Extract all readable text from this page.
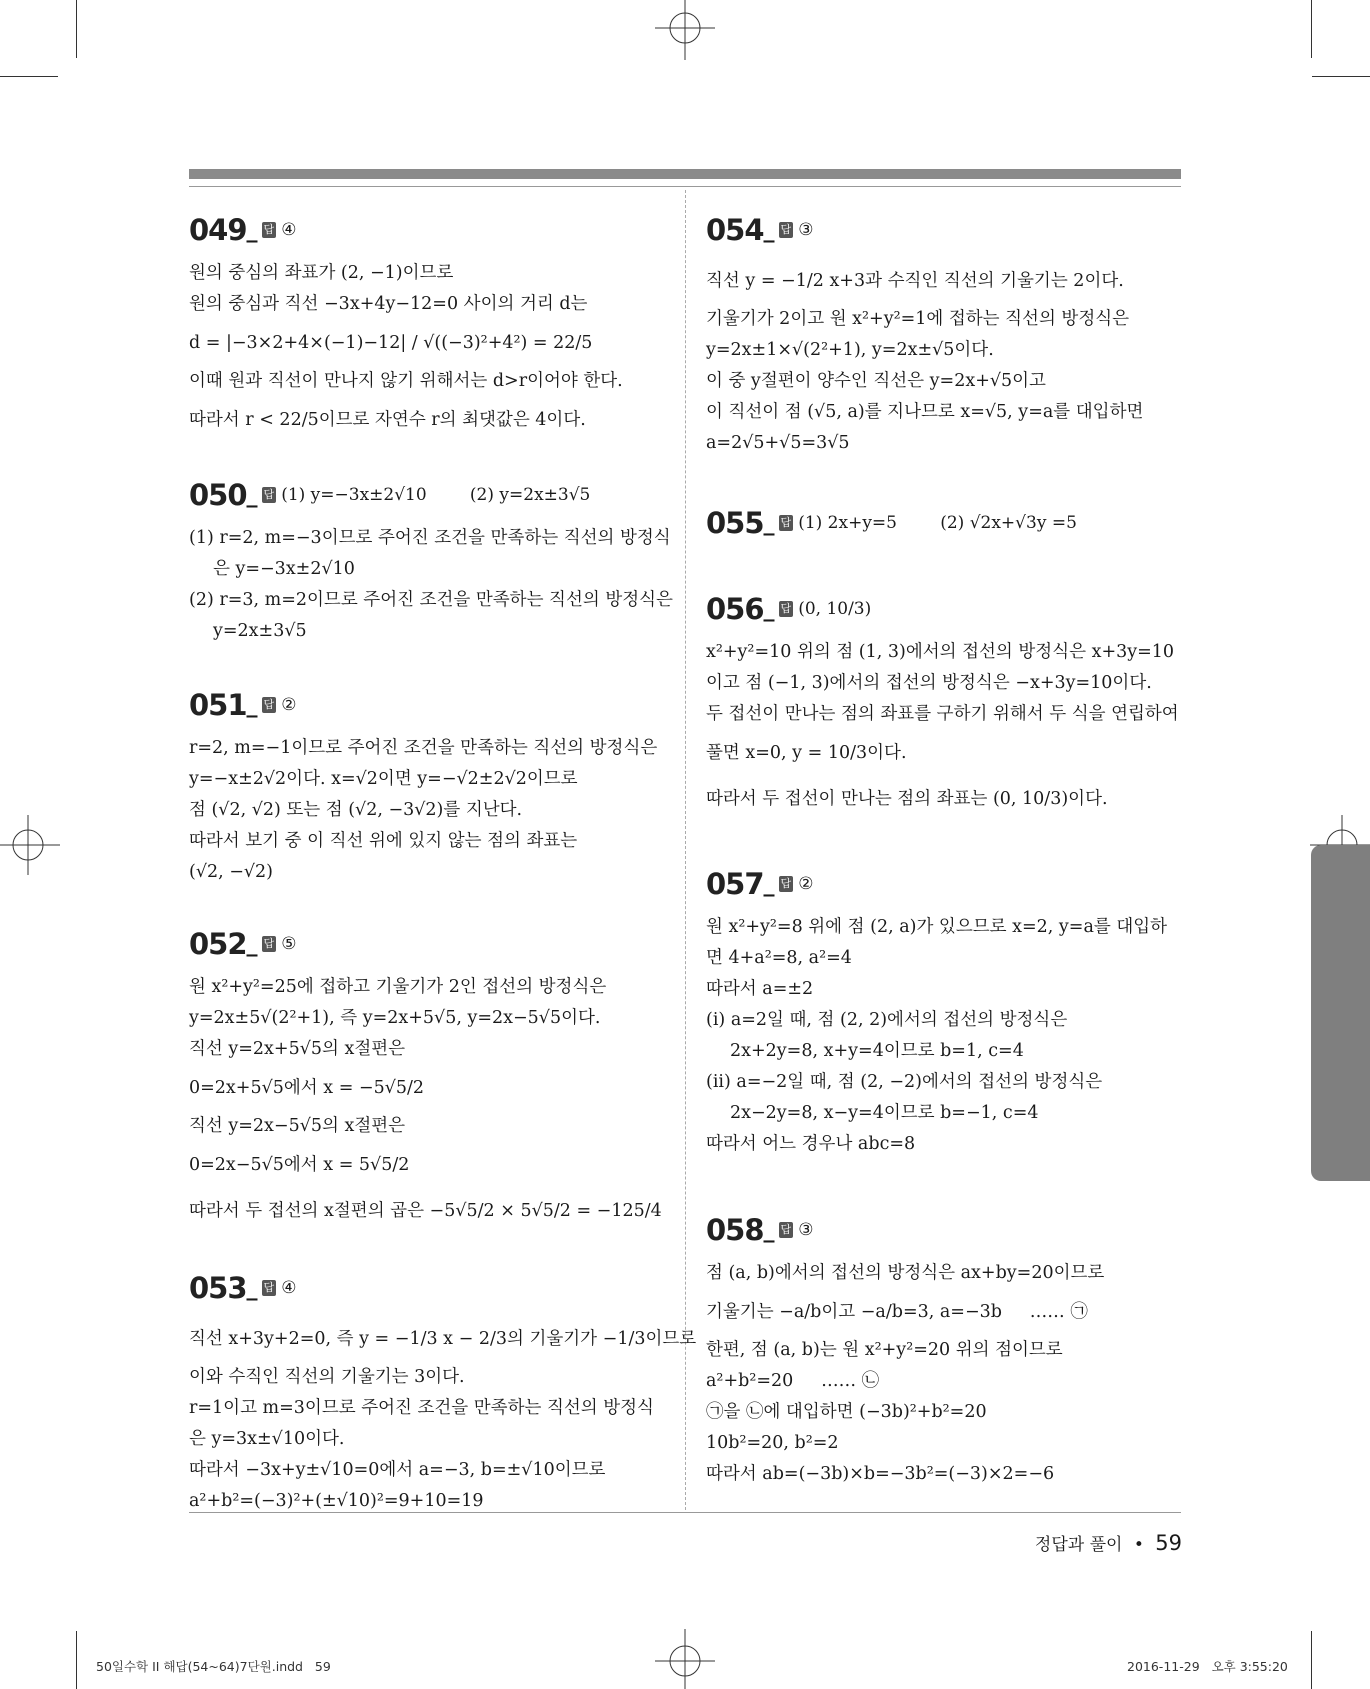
049 _ 답 ④

원의 중심의 좌표가 (2, −1)이므로

원의 중심과 직선 −3x+4y−12=0 사이의 거리 d는

d = |−3×2+4×(−1)−12| / √((−3)²+4²) = 22/5

이때 원과 직선이 만나지 않기 위해서는 d>r이어야 한다.

따라서 r < 22/5이므로 자연수 r의 최댓값은 4이다.

050 _ 답 (1) y=−3x±2√10        (2) y=2x±3√5

(1) r=2, m=−3이므로 주어진 조건을 만족하는 직선의 방정식

은 y=−3x±2√10

(2) r=3, m=2이므로 주어진 조건을 만족하는 직선의 방정식은

y=2x±3√5

051 _ 답 ②

r=2, m=−1이므로 주어진 조건을 만족하는 직선의 방정식은

y=−x±2√2이다. x=√2이면 y=−√2±2√2이므로

점 (√2, √2) 또는 점 (√2, −3√2)를 지난다.

따라서 보기 중 이 직선 위에 있지 않는 점의 좌표는

(√2, −√2)

052 _ 답 ⑤

원 x²+y²=25에 접하고 기울기가 2인 접선의 방정식은

y=2x±5√(2²+1), 즉 y=2x+5√5, y=2x−5√5이다.

직선 y=2x+5√5의 x절편은

0=2x+5√5에서 x = −5√5/2

직선 y=2x−5√5의 x절편은

0=2x−5√5에서 x = 5√5/2

따라서 두 접선의 x절편의 곱은 −5√5/2 × 5√5/2 = −125/4

053 _ 답 ④

직선 x+3y+2=0, 즉 y = −1/3 x − 2/3의 기울기가 −1/3이므로

이와 수직인 직선의 기울기는 3이다.

r=1이고 m=3이므로 주어진 조건을 만족하는 직선의 방정식

은 y=3x±√10이다.

따라서 −3x+y±√10=0에서 a=−3, b=±√10이므로

a²+b²=(−3)²+(±√10)²=9+10=19

054 _ 답 ③

직선 y = −1/2 x+3과 수직인 직선의 기울기는 2이다.

기울기가 2이고 원 x²+y²=1에 접하는 직선의 방정식은

y=2x±1×√(2²+1), y=2x±√5이다.

이 중 y절편이 양수인 직선은 y=2x+√5이고

이 직선이 점 (√5, a)를 지나므로 x=√5, y=a를 대입하면

a=2√5+√5=3√5

055 _ 답 (1) 2x+y=5        (2) √2x+√3y =5
056 _ 답 (0, 10/3)

x²+y²=10 위의 점 (1, 3)에서의 접선의 방정식은 x+3y=10

이고 점 (−1, 3)에서의 접선의 방정식은 −x+3y=10이다.

두 접선이 만나는 점의 좌표를 구하기 위해서 두 식을 연립하여

풀면 x=0, y = 10/3이다.

따라서 두 접선이 만나는 점의 좌표는 (0, 10/3)이다.

057 _ 답 ②

원 x²+y²=8 위에 점 (2, a)가 있으므로 x=2, y=a를 대입하

면 4+a²=8, a²=4

따라서 a=±2

(i) a=2일 때, 점 (2, 2)에서의 접선의 방정식은

2x+2y=8, x+y=4이므로 b=1, c=4

(ii) a=−2일 때, 점 (2, −2)에서의 접선의 방정식은

2x−2y=8, x−y=4이므로 b=−1, c=4

따라서 어느 경우나 abc=8

058 _ 답 ③

점 (a, b)에서의 접선의 방정식은 ax+by=20이므로

기울기는 −a/b이고 −a/b=3, a=−3b     …… ㉠

한편, 점 (a, b)는 원 x²+y²=20 위의 점이므로

a²+b²=20     …… ㉡

㉠을 ㉡에 대입하면 (−3b)²+b²=20

10b²=20, b²=2

따라서 ab=(−3b)×b=−3b²=(−3)×2=−6

THEME 07 도형의 방정식
정답과 풀이 • 59
50일수학 II 해답(54~64)7단원.indd   59	2016-11-29   오후 3:55:20
